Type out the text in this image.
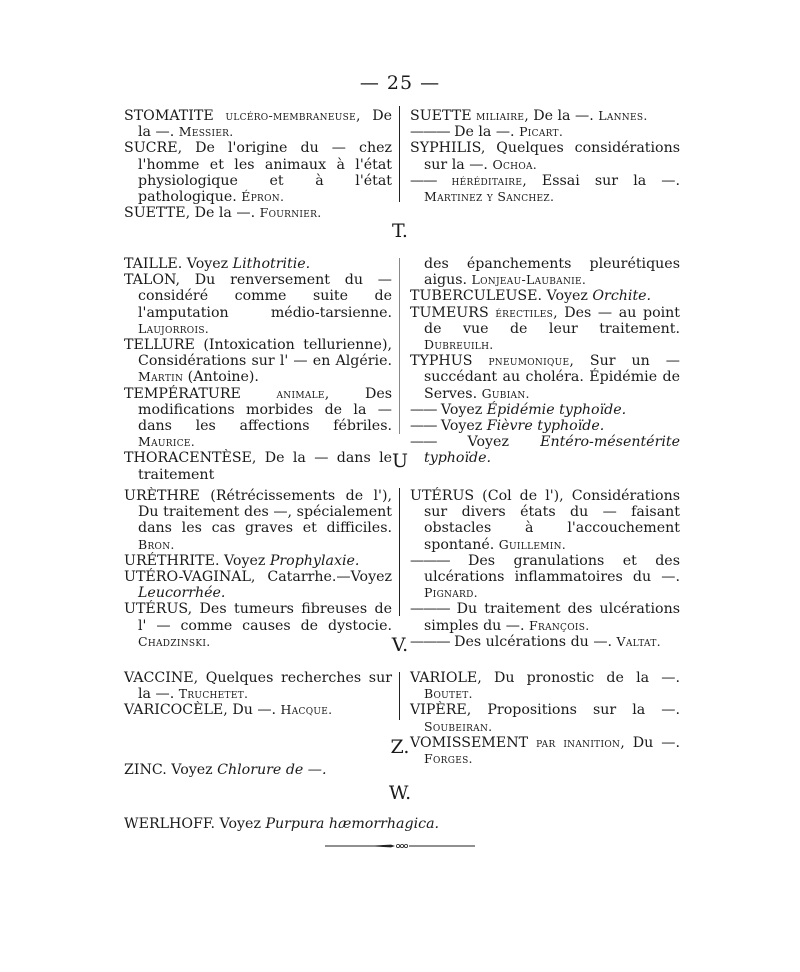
— 25 —

STOMATITE ulcéro-membraneuse, De la —. Messier.

SUCRE, De l'origine du — chez l'homme et les animaux à l'état physiologique et à l'état pathologique. Épron.

SUETTE, De la —. Fournier.

SUETTE miliaire, De la —. Lannes.

——— De la —. Picart.

SYPHILIS, Quelques considérations sur la —. Ochoa.

—— héréditaire, Essai sur la —. Martinez y Sanchez.

T.

TAILLE. Voyez Lithotritie.

TALON, Du renversement du — considéré comme suite de l'amputation médio-tarsienne. Laujorrois.

TELLURE (Intoxication tellurienne), Considérations sur l' — en Algérie. Martin (Antoine).

TEMPÉRATURE	animale, Des modifications morbides de la — dans les affections fébriles. Maurice.

THORACENTÈSE, De la — dans le traitement

des épanchements pleurétiques aigus. Lonjeau-Laubanie.

TUBERCULEUSE. Voyez Orchite.

TUMEURS érectiles, Des — au point de vue de leur traitement. Dubreuilh.

TYPHUS pneumonique, Sur un — succédant au choléra. Épidémie de Serves. Gubian.

—— Voyez Épidémie typhoïde.

—— Voyez Fièvre typhoïde.

—— Voyez Entéro-mésentérite typhoïde.

U

URÈTHRE (Rétrécissements de l'), Du traitement des —, spécialement dans les cas graves et difficiles. Bron.

URÉTHRITE. Voyez Prophylaxie.

UTÉRO-VAGINAL, Catarrhe.—Voyez Leucorrhée.

UTÉRUS, Des tumeurs fibreuses de l' — comme causes de dystocie. Chadzinski.

UTÉRUS (Col de l'), Considérations sur divers états du — faisant obstacles à l'accouchement spontané. Guillemin.

——— Des granulations et des ulcérations inflammatoires du —. Pignard.

——— Du traitement des ulcérations simples du —. François.

——— Des ulcérations du —. Valtat.

V.

VACCINE, Quelques recherches sur la —. Truchetet.

VARICOCÈLE, Du —. Hacque.

VARIOLE, Du pronostic de la —. Boutet.

VIPÈRE, Propositions sur la —. Soubeiran.

VOMISSEMENT par inanition, Du —. Forges.

Z.

ZINC. Voyez Chlorure de —.

W.

WERLHOFF. Voyez Purpura hæmorrhagica.
